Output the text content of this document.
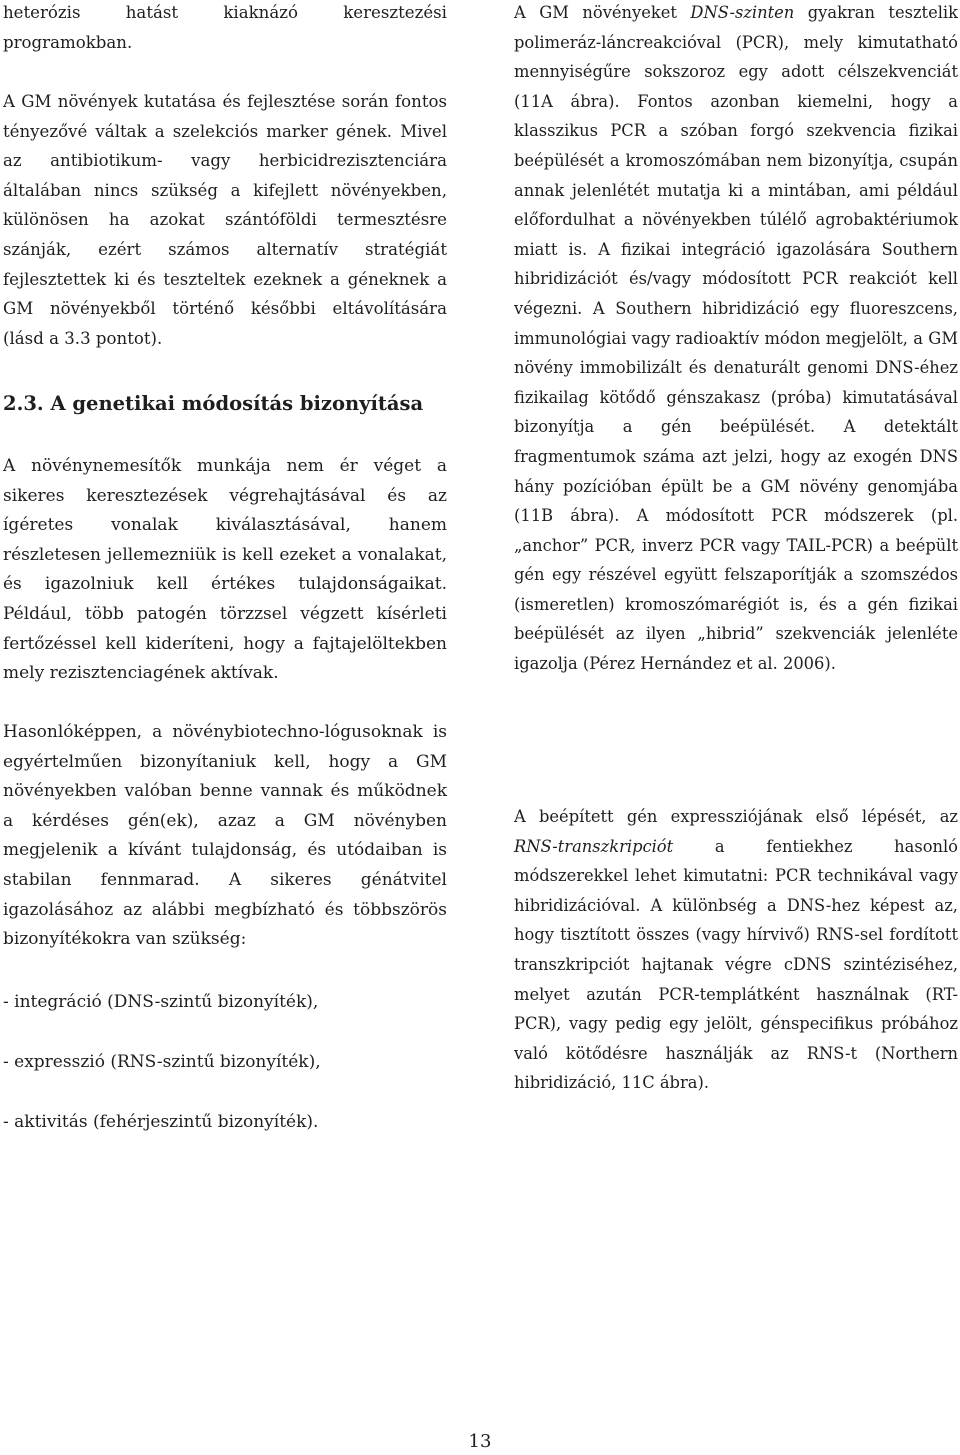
heterózis hatást kiaknázó keresztezési programokban.

A GM növények kutatása és fejlesztése során fontos tényezővé váltak a szelekciós marker gének. Mivel az antibiotikum- vagy herbicidrezisztenciára általában nincs szükség a kifejlett növényekben, különösen ha azokat szántóföldi termesztésre szánják, ezért számos alternatív stratégiát fejlesztettek ki és teszteltek ezeknek a géneknek a GM növényekből történő későbbi eltávolítására (lásd a 3.3 pontot).

2.3. A genetikai módosítás bizonyítása

A növénynemesítők munkája nem ér véget a sikeres keresztezések végrehajtásával és az ígéretes vonalak kiválasztásával, hanem részletesen jellemezniük is kell ezeket a vonalakat, és igazolniuk kell értékes tulajdonságaikat. Például, több patogén törzzsel végzett kísérleti fertőzéssel kell kideríteni, hogy a fajtajelöltekben mely rezisztenciagének aktívak.

Hasonlóképpen, a növénybiotechno-lógusoknak is egyértelműen bizonyítaniuk kell, hogy a GM növényekben valóban benne vannak és működnek a kérdéses gén(ek), azaz a GM növényben megjelenik a kívánt tulajdonság, és utódaiban is stabilan fennmarad. A sikeres génátvitel igazolásához az alábbi megbízható és többszörös bizonyítékokra van szükség:

- integráció (DNS-szintű bizonyíték),

- expresszió (RNS-szintű bizonyíték),

- aktivitás (fehérjeszintű bizonyíték).

A GM növényeket DNS-szinten gyakran tesztelik polimeráz-láncreakcióval (PCR), mely kimutatható mennyiségűre sokszoroz egy adott célszekvenciát (11A ábra). Fontos azonban kiemelni, hogy a klasszikus PCR a szóban forgó szekvencia fizikai beépülését a kromoszómában nem bizonyítja, csupán annak jelenlétét mutatja ki a mintában, ami például előfordulhat a növényekben túlélő agrobaktériumok miatt is. A fizikai integráció igazolására Southern hibridizációt és/vagy módosított PCR reakciót kell végezni. A Southern hibridizáció egy fluoreszcens, immunológiai vagy radioaktív módon megjelölt, a GM növény immobilizált és denaturált genomi DNS-éhez fizikailag kötődő génszakasz (próba) kimutatásával bizonyítja a gén beépülését. A detektált fragmentumok száma azt jelzi, hogy az exogén DNS hány pozícióban épült be a GM növény genomjába (11B ábra). A módosított PCR módszerek (pl. „anchor” PCR, inverz PCR vagy TAIL-PCR) a beépült gén egy részével együtt felszaporítják a szomszédos (ismeretlen) kromoszómarégiót is, és a gén fizikai beépülését az ilyen „hibrid” szekvenciák jelenléte igazolja (Pérez Hernández et al. 2006).

A beépített gén expressziójának első lépését, az RNS-transzkripciót a fentiekhez hasonló módszerekkel lehet kimutatni: PCR technikával vagy hibridizációval. A különbség a DNS-hez képest az, hogy tisztított összes (vagy hírvivő) RNS-sel fordított transzkripciót hajtanak végre cDNS szintéziséhez, melyet azután PCR-templátként használnak (RT-PCR), vagy pedig egy jelölt, génspecifikus próbához való kötődésre használják az RNS-t (Northern hibridizáció, 11C ábra).

13
